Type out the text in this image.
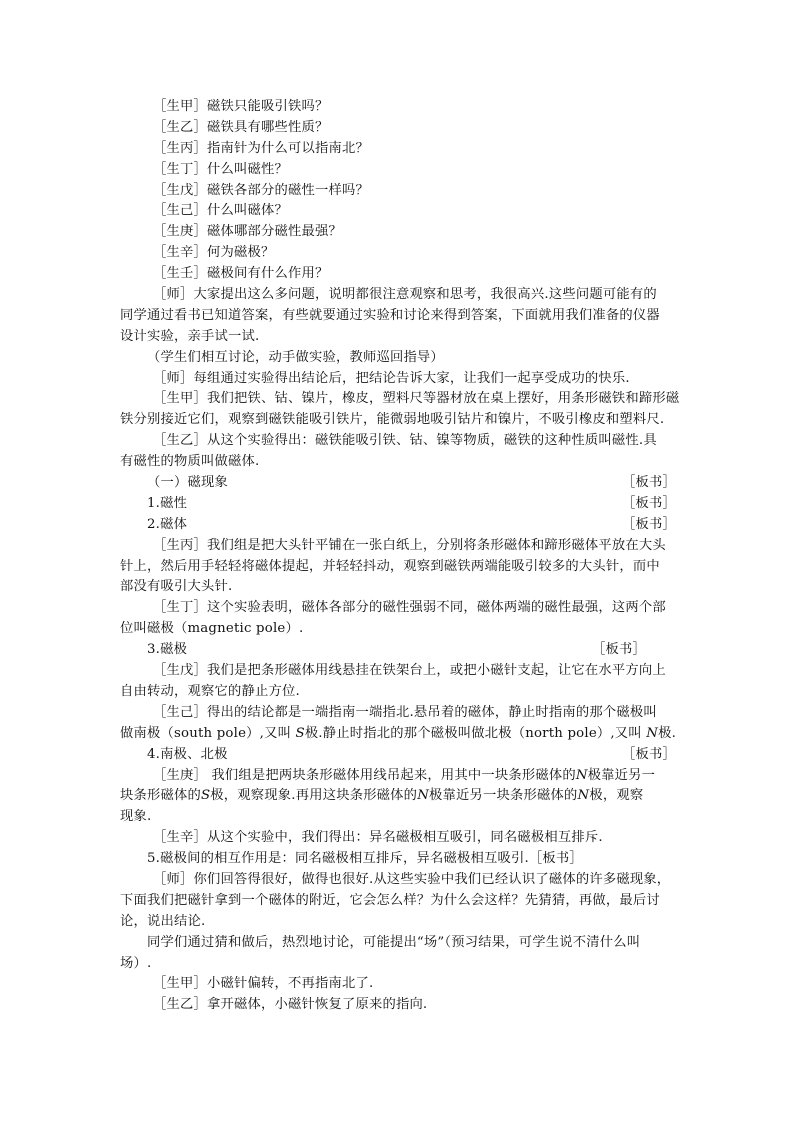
［生甲］磁铁只能吸引铁吗？
［生乙］磁铁具有哪些性质？
［生丙］指南针为什么可以指南北？
［生丁］什么叫磁性？
［生戊］磁铁各部分的磁性一样吗？
［生己］什么叫磁体？
［生庚］磁体哪部分磁性最强？
［生辛］何为磁极？
［生壬］磁极间有什么作用？
［师］大家提出这么多问题，说明都很注意观察和思考，我很高兴.这些问题可能有的
同学通过看书已知道答案，有些就要通过实验和讨论来得到答案，下面就用我们准备的仪器
设计实验，亲手试一试.
（学生们相互讨论，动手做实验，教师巡回指导）
［师］每组通过实验得出结论后，把结论告诉大家，让我们一起享受成功的快乐.
［生甲］我们把铁、钴、镍片，橡皮，塑料尺等器材放在桌上摆好，用条形磁铁和蹄形磁
铁分别接近它们，观察到磁铁能吸引铁片，能微弱地吸引钴片和镍片，不吸引橡皮和塑料尺.
［生乙］从这个实验得出：磁铁能吸引铁、钴、镍等物质，磁铁的这种性质叫磁性.具
有磁性的物质叫做磁体.
（一）磁现象	［板书］
1.磁性	［板书］
2.磁体	［板书］
［生丙］我们组是把大头针平铺在一张白纸上，分别将条形磁体和蹄形磁体平放在大头
针上，然后用手轻轻将磁体提起，并轻轻抖动，观察到磁铁两端能吸引较多的大头针，而中
部没有吸引大头针.
［生丁］这个实验表明，磁体各部分的磁性强弱不同，磁体两端的磁性最强，这两个部
位叫磁极（magnetic pole）.
3.磁极	［板书］
［生戊］我们是把条形磁体用线悬挂在铁架台上，或把小磁针支起，让它在水平方向上
自由转动，观察它的静止方位.
［生己］得出的结论都是一端指南一端指北.悬吊着的磁体，静止时指南的那个磁极叫
做南极（south pole）,又叫 S极.静止时指北的那个磁极叫做北极（north pole）,又叫 N极.
4.南极、北极	［板书］
［生庚］ 我们组是把两块条形磁体用线吊起来，用其中一块条形磁体的N极靠近另一
块条形磁体的S极，观察现象.再用这块条形磁体的N极靠近另一块条形磁体的N极，观察
现象.
［生辛］从这个实验中，我们得出：异名磁极相互吸引，同名磁极相互排斥.
5.磁极间的相互作用是：同名磁极相互排斥，异名磁极相互吸引.［板书］
［师］你们回答得很好，做得也很好.从这些实验中我们已经认识了磁体的许多磁现象，
下面我们把磁针拿到一个磁体的附近，它会怎么样？为什么会这样？先猜猜，再做，最后讨
论，说出结论.
同学们通过猜和做后，热烈地讨论，可能提出“场”（预习结果，可学生说不清什么叫
场）.
［生甲］小磁针偏转，不再指南北了.
［生乙］拿开磁体，小磁针恢复了原来的指向.
